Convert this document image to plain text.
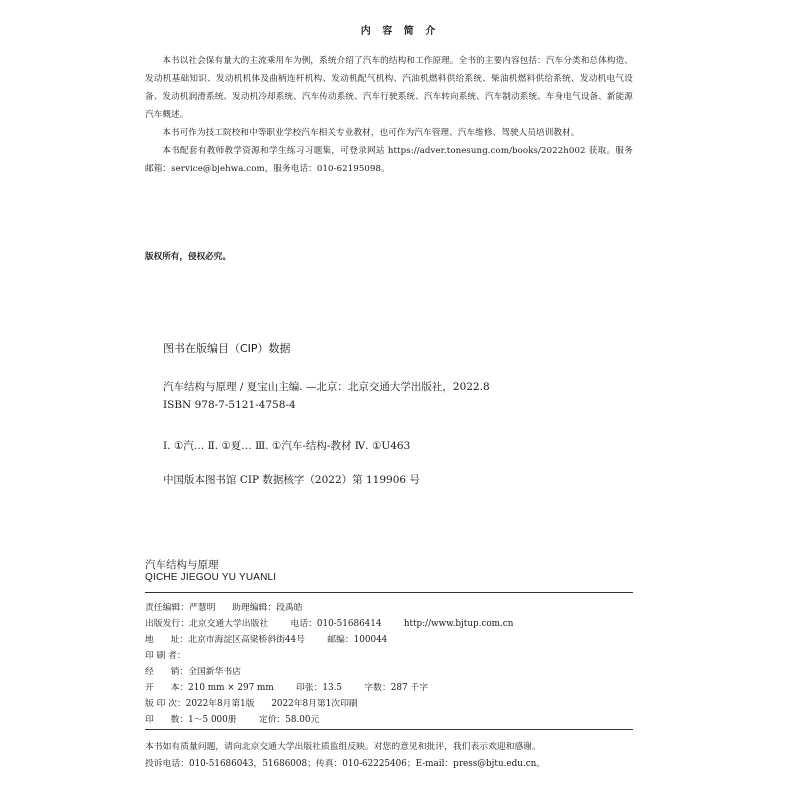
内 容 简 介

本书以社会保有量大的主流乘用车为例，系统介绍了汽车的结构和工作原理。全书的主要内容包括：汽车分类和总体构造、发动机基础知识、发动机机体及曲柄连杆机构、发动机配气机构、汽油机燃料供给系统、柴油机燃料供给系统、发动机电气设备、发动机润滑系统、发动机冷却系统、汽车传动系统、汽车行驶系统、汽车转向系统、汽车制动系统、车身电气设备、新能源汽车概述。

本书可作为技工院校和中等职业学校汽车相关专业教材，也可作为汽车管理、汽车维修、驾驶人员培训教材。

本书配套有教师教学资源和学生练习习题集，可登录网站 https://adver.tonesung.com/books/2022h002 获取。服务邮箱：service@bjehwa.com，服务电话：010-62195098。

版权所有，侵权必究。
图书在版编目（CIP）数据
汽车结构与原理 / 夏宝山主编. —北京：北京交通大学出版社，2022.8
ISBN 978-7-5121-4758-4
Ⅰ. ①汽… Ⅱ. ①夏… Ⅲ. ①汽车-结构-教材 Ⅳ. ①U463
中国版本图书馆 CIP 数据核字（2022）第 119906 号
汽车结构与原理
QICHE JIEGOU YU YUANLI
责任编辑：严慧明      助理编辑：段禹皓
出版发行：北京交通大学出版社        电话：010-51686414        http://www.bjtup.com.cn
地      址：北京市海淀区高梁桥斜街44号        邮编：100044
印 刷 者：
经      销：全国新华书店
开      本：210 mm × 297 mm        印张：13.5        字数：287 千字
版 印 次：2022年8月第1版      2022年8月第1次印刷
印      数：1～5 000册        定价：58.00元
本书如有质量问题，请向北京交通大学出版社质监组反映。对您的意见和批评，我们表示欢迎和感谢。
投诉电话：010-51686043，51686008；传真：010-62225406；E-mail：press@bjtu.edu.cn。
